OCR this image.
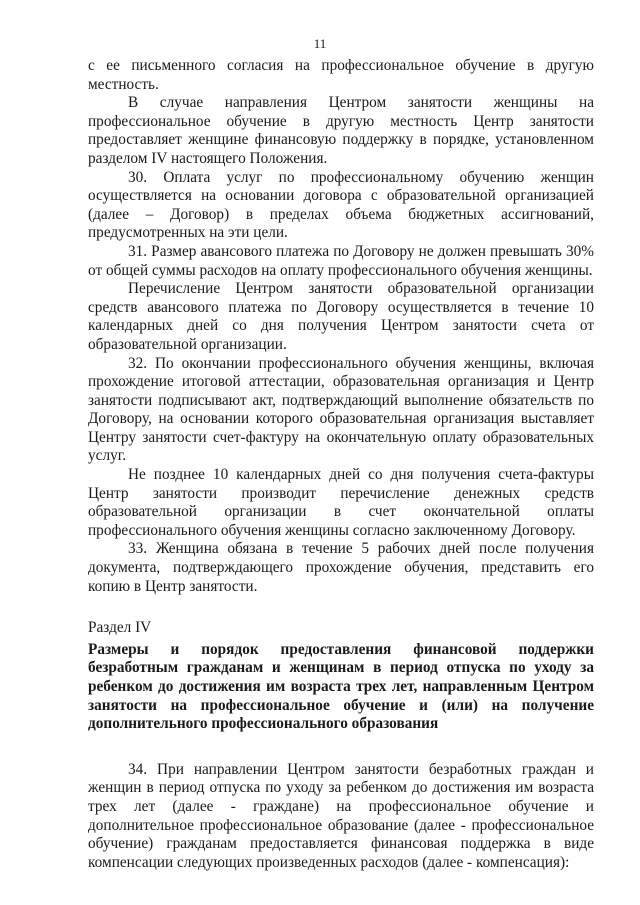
11

с ее письменного согласия на профессиональное обучение в другую местность.

В случае направления Центром занятости женщины на профессиональное обучение в другую местность Центр занятости предоставляет женщине финансовую поддержку в порядке, установленном разделом IV настоящего Положения.

30. Оплата услуг по профессиональному обучению женщин осуществляется на основании договора с образовательной организацией (далее – Договор) в пределах объема бюджетных ассигнований, предусмотренных на эти цели.

31. Размер авансового платежа по Договору не должен превышать 30% от общей суммы расходов на оплату профессионального обучения женщины.

Перечисление Центром занятости образовательной организации средств авансового платежа по Договору осуществляется в течение 10 календарных дней со дня получения Центром занятости счета от образовательной организации.

32. По окончании профессионального обучения женщины, включая прохождение итоговой аттестации, образовательная организация и Центр занятости подписывают акт, подтверждающий выполнение обязательств по Договору, на основании которого образовательная организация выставляет Центру занятости счет-фактуру на окончательную оплату образовательных услуг.

Не позднее 10 календарных дней со дня получения счета-фактуры Центр занятости производит перечисление денежных средств образовательной организации в счет окончательной оплаты профессионального обучения женщины согласно заключенному Договору.

33. Женщина обязана в течение 5 рабочих дней после получения документа, подтверждающего прохождение обучения, представить его копию в Центр занятости.

Раздел IV

Размеры и порядок предоставления финансовой поддержки безработным гражданам и женщинам в период отпуска по уходу за ребенком до достижения им возраста трех лет, направленным Центром занятости на профессиональное обучение и (или) на получение дополнительного профессионального образования

34. При направлении Центром занятости безработных граждан и женщин в период отпуска по уходу за ребенком до достижения им возраста трех лет (далее - граждане) на профессиональное обучение и дополнительное профессиональное образование (далее - профессиональное обучение) гражданам предоставляется финансовая поддержка в виде компенсации следующих произведенных расходов (далее - компенсация):
